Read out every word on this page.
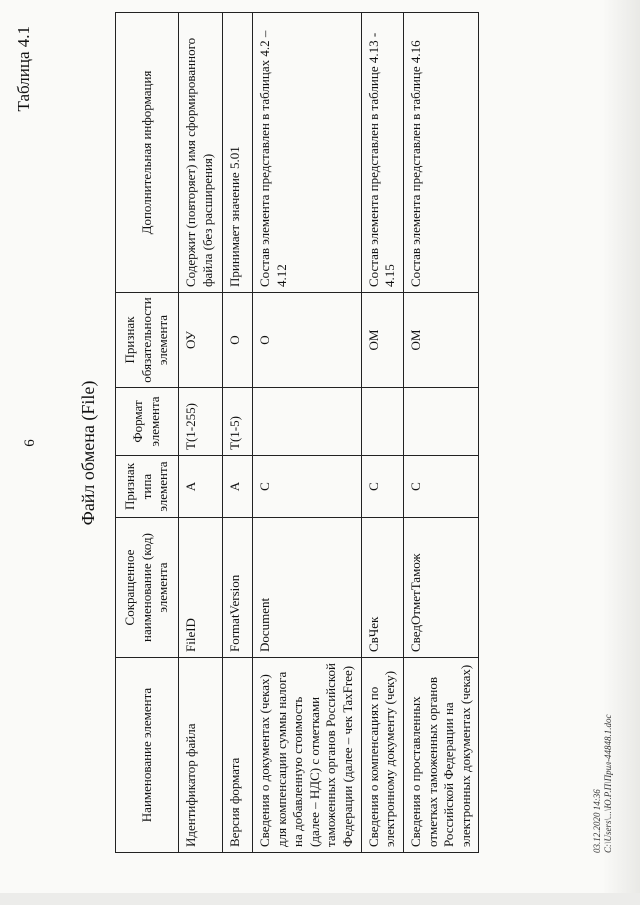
6
Таблица 4.1
Файл обмена (File)
Наименование элемента	Сокращенное наименование (код) элемента	Признак типа элемента	Формат элемента	Признак обязательности элемента	Дополнительная информация
Идентификатор файла	FileID	А	T(1-255)	ОУ	Содержит (повторяет) имя сформированного файла (без расширения)
Версия формата	FormatVersion	А	T(1-5)	О	Принимает значение 5.01
Сведения о документах (чеках) для компенсации суммы налога на добавленную стоимость (далее – НДС) с отметками таможенных органов Российской Федерации (далее – чек TaxFree)	Document	С		О	Состав элемента представлен в таблицах 4.2 – 4.12
Сведения о компенсациях по электронному документу (чеку)	СвЧек	С		ОМ	Состав элемента представлен в таблице 4.13 - 4.15
Сведения о проставленных отметках таможенных органов Российской Федерации на электронных документах (чеках)	СведОтметТамож	С		ОМ	Состав элемента представлен в таблице 4.16
03.12.2020 14:36 C:\Users\...\Ю.Р.П\Прил-44848.1.doc
